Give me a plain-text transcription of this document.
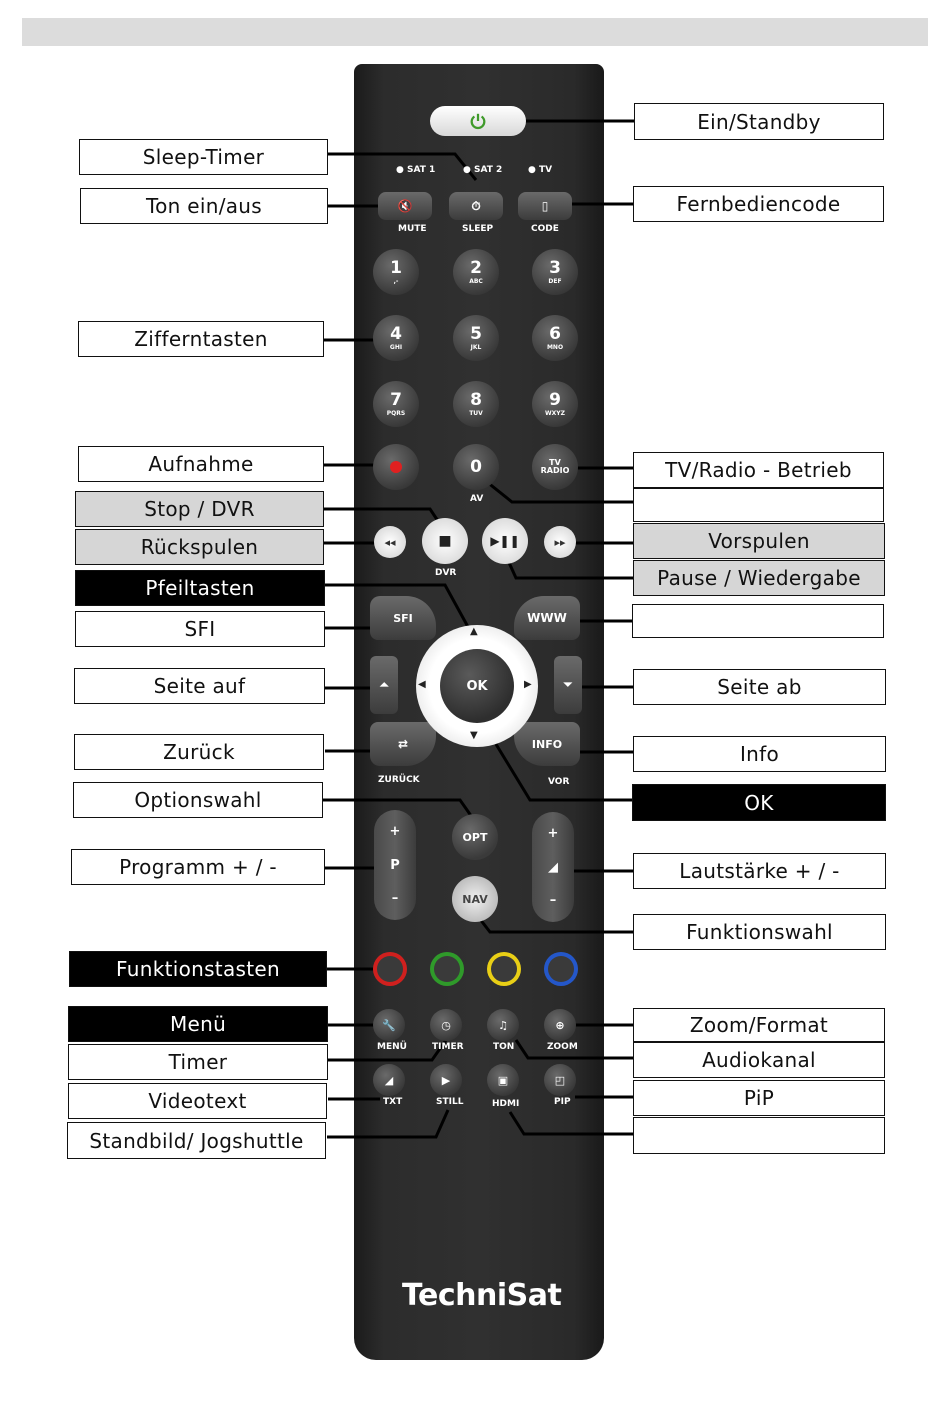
● SAT 1	● SAT 2	● TV
🔇	⏱	▯
MUTE	SLEEP	CODE
1
,-
2
ABC
3
DEF
4
GHI
5
JKL
6
MNO
7
PQRS
8
TUV
9
WXYZ
0	TV RADIO
AV
◂◂	■	▶❚❚	▸▸
DVR
SFI	WWW
⏶	⏷
⇄	INFO
ZURÜCK	VOR
▲
▼
◀	▶
OK
+
P
–
+
◢
–
OPT
NAV
🔧	◷	♫	⊕
MENÜ	TIMER	TON	ZOOM
◢	▶	▣	◰
TXT	STILL	HDMI	PIP
TechniSat
Sleep-Timer
Ton ein/aus
Zifferntasten
Aufnahme
Stop / DVR
Rückspulen
Pfeiltasten
SFI
Seite auf
Zurück
Optionswahl
Programm + / -
Funktionstasten
Menü
Timer
Videotext
Standbild/ Jogshuttle
Ein/Standby
Fernbediencode
TV/Radio - Betrieb
Vorspulen
Pause / Wiedergabe
Seite ab
Info
OK
Lautstärke + / -
Funktionswahl
Zoom/Format
Audiokanal
PiP
